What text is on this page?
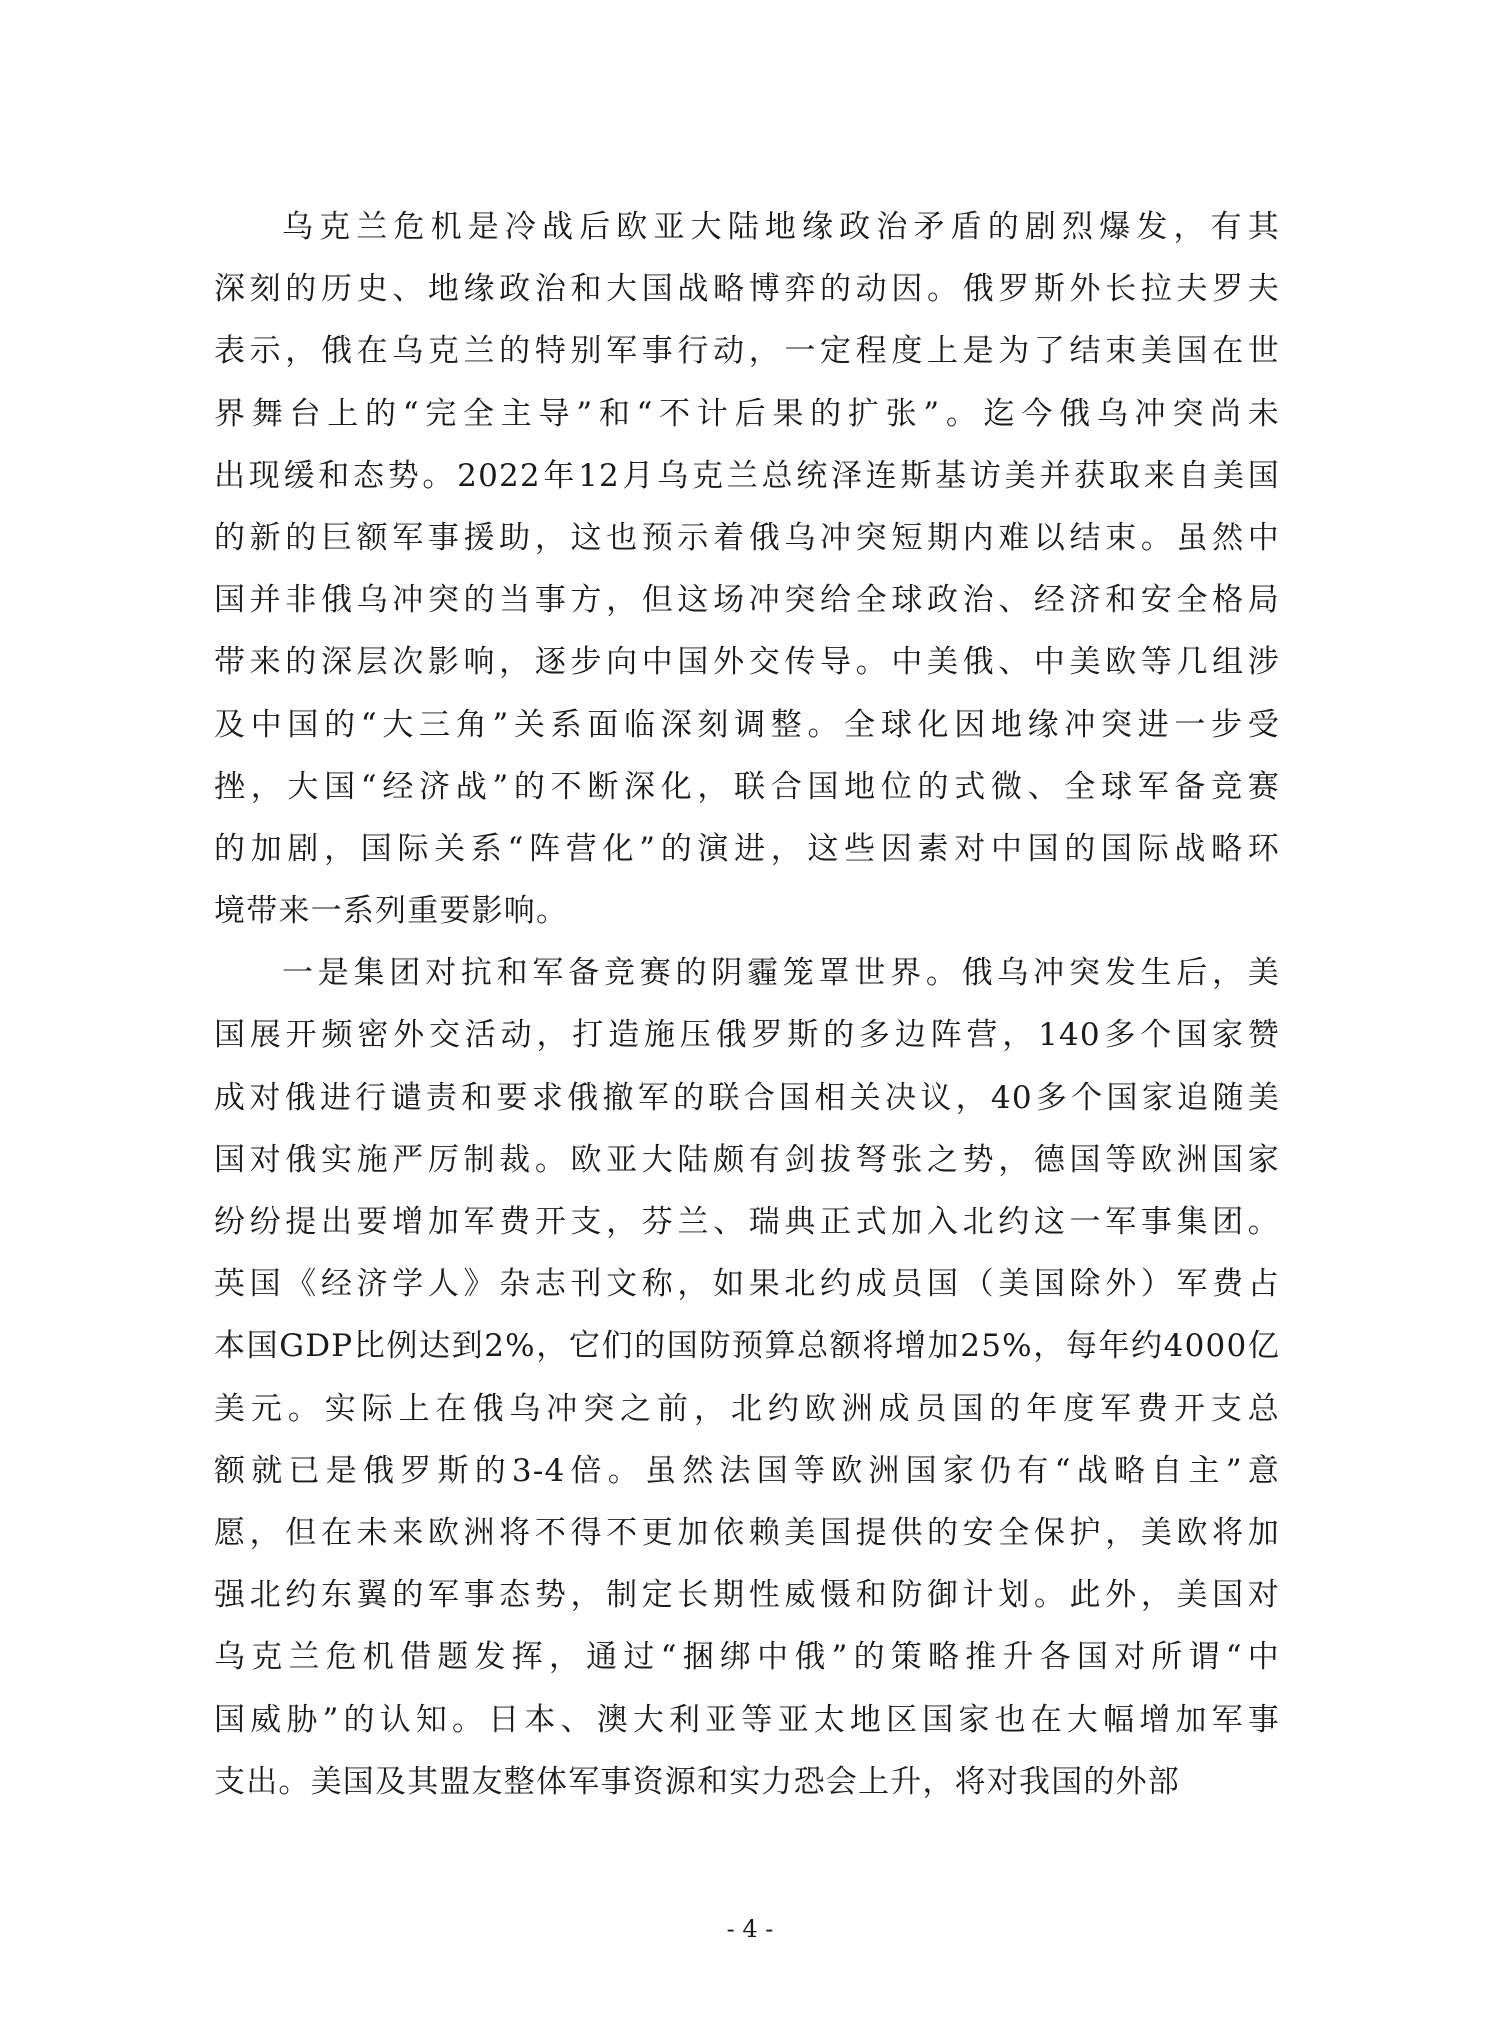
乌克兰危机是冷战后欧亚大陆地缘政治矛盾的剧烈爆发，有其
深刻的历史、地缘政治和大国战略博弈的动因。俄罗斯外长拉夫罗夫
表示，俄在乌克兰的特别军事行动，一定程度上是为了结束美国在世
界舞台上的“完全主导”和“不计后果的扩张”。迄今俄乌冲突尚未
出现缓和态势。2022年12月乌克兰总统泽连斯基访美并获取来自美国
的新的巨额军事援助，这也预示着俄乌冲突短期内难以结束。虽然中
国并非俄乌冲突的当事方，但这场冲突给全球政治、经济和安全格局
带来的深层次影响，逐步向中国外交传导。中美俄、中美欧等几组涉
及中国的“大三角”关系面临深刻调整。全球化因地缘冲突进一步受
挫，大国“经济战”的不断深化，联合国地位的式微、全球军备竞赛
的加剧，国际关系“阵营化”的演进，这些因素对中国的国际战略环
境带来一系列重要影响。
一是集团对抗和军备竞赛的阴霾笼罩世界。俄乌冲突发生后，美
国展开频密外交活动，打造施压俄罗斯的多边阵营，140多个国家赞
成对俄进行谴责和要求俄撤军的联合国相关决议，40多个国家追随美
国对俄实施严厉制裁。欧亚大陆颇有剑拔弩张之势，德国等欧洲国家
纷纷提出要增加军费开支，芬兰、瑞典正式加入北约这一军事集团。
英国《经济学人》杂志刊文称，如果北约成员国（美国除外）军费占
本国GDP比例达到2%，它们的国防预算总额将增加25%，每年约4000亿
美元。实际上在俄乌冲突之前，北约欧洲成员国的年度军费开支总
额就已是俄罗斯的3-4倍。虽然法国等欧洲国家仍有“战略自主”意
愿，但在未来欧洲将不得不更加依赖美国提供的安全保护，美欧将加
强北约东翼的军事态势，制定长期性威慑和防御计划。此外，美国对
乌克兰危机借题发挥，通过“捆绑中俄”的策略推升各国对所谓“中
国威胁”的认知。日本、澳大利亚等亚太地区国家也在大幅增加军事
支出。美国及其盟友整体军事资源和实力恐会上升，将对我国的外部
- 4 -
